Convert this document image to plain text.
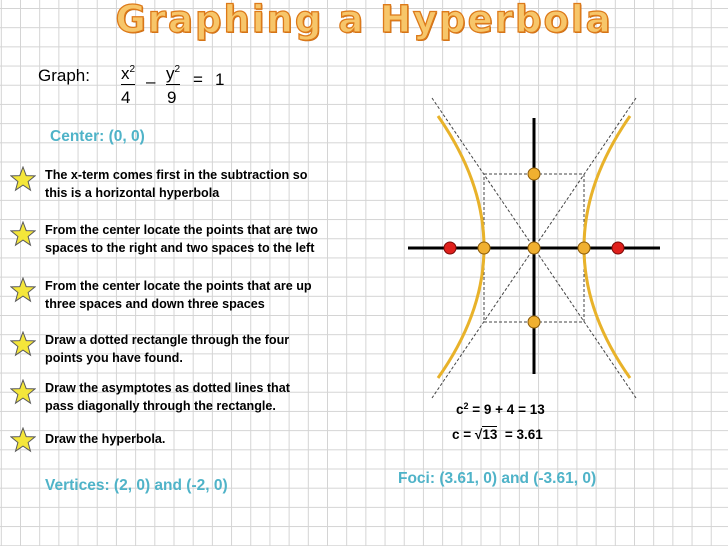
Graphing a Hyperbola
Graph: $x^2$
– $y^2$
= 1
4 9
Center: (0, 0)
The x-term comes first in the subtraction so
this is a horizontal hyperbola
From the center locate the points that are two
spaces to the right and two spaces to the left
From the center locate the points that are up
three spaces and down three spaces
Draw a dotted rectangle through the four
points you have found.
Draw the asymptotes as dotted lines that
pass diagonally through the rectangle.
Draw the hyperbola.
Vertices: (2, 0) and (-2, 0)	Foci: (3.61, 0) and (-3.61, 0)
$c^2 = 9 + 4 = 13$
c = √13  = 3.61
